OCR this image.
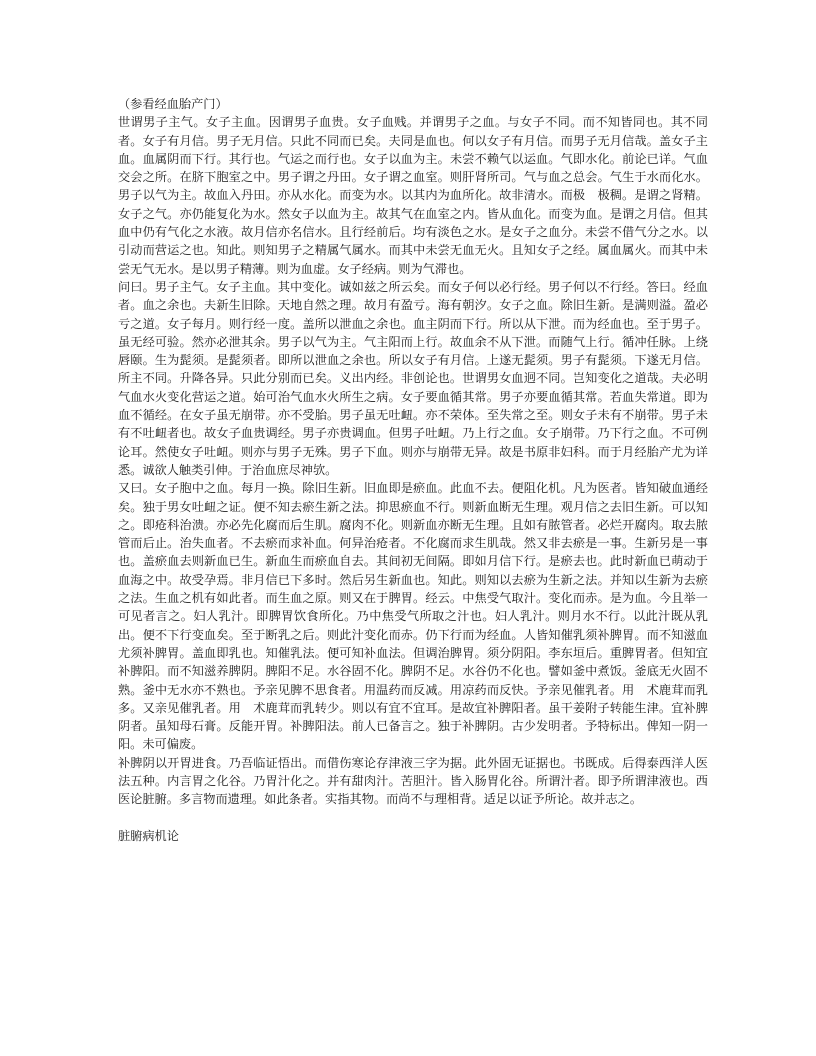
（参看经血胎产门）

世谓男子主气。女子主血。因谓男子血贵。女子血贱。并谓男子之血。与女子不同。而不知皆同也。其不同者。女子有月信。男子无月信。只此不同而已矣。夫同是血也。何以女子有月信。而男子无月信哉。盖女子主血。血属阴而下行。其行也。气运之而行也。女子以血为主。未尝不赖气以运血。气即水化。前论已详。气血交会之所。在脐下胞室之中。男子谓之丹田。女子谓之血室。则肝肾所司。气与血之总会。气生于水而化水。男子以气为主。故血入丹田。亦从水化。而变为水。以其内为血所化。故非清水。而极　极稠。是谓之肾精。女子之气。亦仍能复化为水。然女子以血为主。故其气在血室之内。皆从血化。而变为血。是谓之月信。但其血中仍有气化之水液。故月信亦名信水。且行经前后。均有淡色之水。是女子之血分。未尝不借气分之水。以引动而营运之也。知此。则知男子之精属气属水。而其中未尝无血无火。且知女子之经。属血属火。而其中未尝无气无水。是以男子精薄。则为血虚。女子经病。则为气滞也。

问曰。男子主气。女子主血。其中变化。诚如兹之所云矣。而女子何以必行经。男子何以不行经。答曰。经血者。血之余也。夫新生旧除。天地自然之理。故月有盈亏。海有朝汐。女子之血。除旧生新。是满则溢。盈必亏之道。女子每月。则行经一度。盖所以泄血之余也。血主阴而下行。所以从下泄。而为经血也。至于男子。虽无经可验。然亦必泄其余。男子以气为主。气主阳而上行。故血余不从下泄。而随气上行。循冲任脉。上绕唇颐。生为髭须。是髭须者。即所以泄血之余也。所以女子有月信。上遂无髭须。男子有髭须。下遂无月信。所主不同。升降各异。只此分别而已矣。义出内经。非创论也。世谓男女血迥不同。岂知变化之道哉。夫必明气血水火变化营运之道。始可治气血水火所生之病。女子要血循其常。男子亦要血循其常。若血失常道。即为血不循经。在女子虽无崩带。亦不受胎。男子虽无吐衄。亦不荣体。至失常之至。则女子未有不崩带。男子未有不吐衄者也。故女子血贵调经。男子亦贵调血。但男子吐衄。乃上行之血。女子崩带。乃下行之血。不可例论耳。然使女子吐衄。则亦与男子无殊。男子下血。则亦与崩带无异。故是书原非妇科。而于月经胎产尤为详悉。诚欲人触类引伸。于治血庶尽神欤。

又曰。女子胞中之血。每月一换。除旧生新。旧血即是瘀血。此血不去。便阻化机。凡为医者。皆知破血通经矣。独于男女吐衄之证。便不知去瘀生新之法。抑思瘀血不行。则新血断无生理。观月信之去旧生新。可以知之。即疮科治溃。亦必先化腐而后生肌。腐肉不化。则新血亦断无生理。且如有脓管者。必烂开腐肉。取去脓管而后止。治失血者。不去瘀而求补血。何异治疮者。不化腐而求生肌哉。然又非去瘀是一事。生新另是一事也。盖瘀血去则新血已生。新血生而瘀血自去。其间初无间隔。即如月信下行。是瘀去也。此时新血已萌动于血海之中。故受孕焉。非月信已下多时。然后另生新血也。知此。则知以去瘀为生新之法。并知以生新为去瘀之法。生血之机有如此者。而生血之原。则又在于脾胃。经云。中焦受气取汁。变化而赤。是为血。今且举一可见者言之。妇人乳汁。即脾胃饮食所化。乃中焦受气所取之汁也。妇人乳汁。则月水不行。以此汁既从乳出。便不下行变血矣。至于断乳之后。则此汁变化而赤。仍下行而为经血。人皆知催乳须补脾胃。而不知滋血尤须补脾胃。盖血即乳也。知催乳法。便可知补血法。但调治脾胃。须分阴阳。李东垣后。重脾胃者。但知宜补脾阳。而不知滋养脾阴。脾阳不足。水谷固不化。脾阴不足。水谷仍不化也。譬如釜中煮饭。釜底无火固不熟。釜中无水亦不熟也。予亲见脾不思食者。用温药而反减。用凉药而反快。予亲见催乳者。用　术鹿茸而乳多。又亲见催乳者。用　术鹿茸而乳转少。则以有宜不宜耳。是故宜补脾阳者。虽干姜附子转能生津。宜补脾阴者。虽知母石膏。反能开胃。补脾阳法。前人已备言之。独于补脾阴。古少发明者。予特标出。俾知一阴一阳。未可偏废。

补脾阴以开胃进食。乃吾临证悟出。而借伤寒论存津液三字为据。此外固无证据也。书既成。后得泰西洋人医法五种。内言胃之化谷。乃胃汁化之。并有甜肉汁。苦胆汁。皆入肠胃化谷。所谓汁者。即予所谓津液也。西医论脏腑。多言物而遗理。如此条者。实指其物。而尚不与理相背。适足以证予所论。故并志之。

脏腑病机论
